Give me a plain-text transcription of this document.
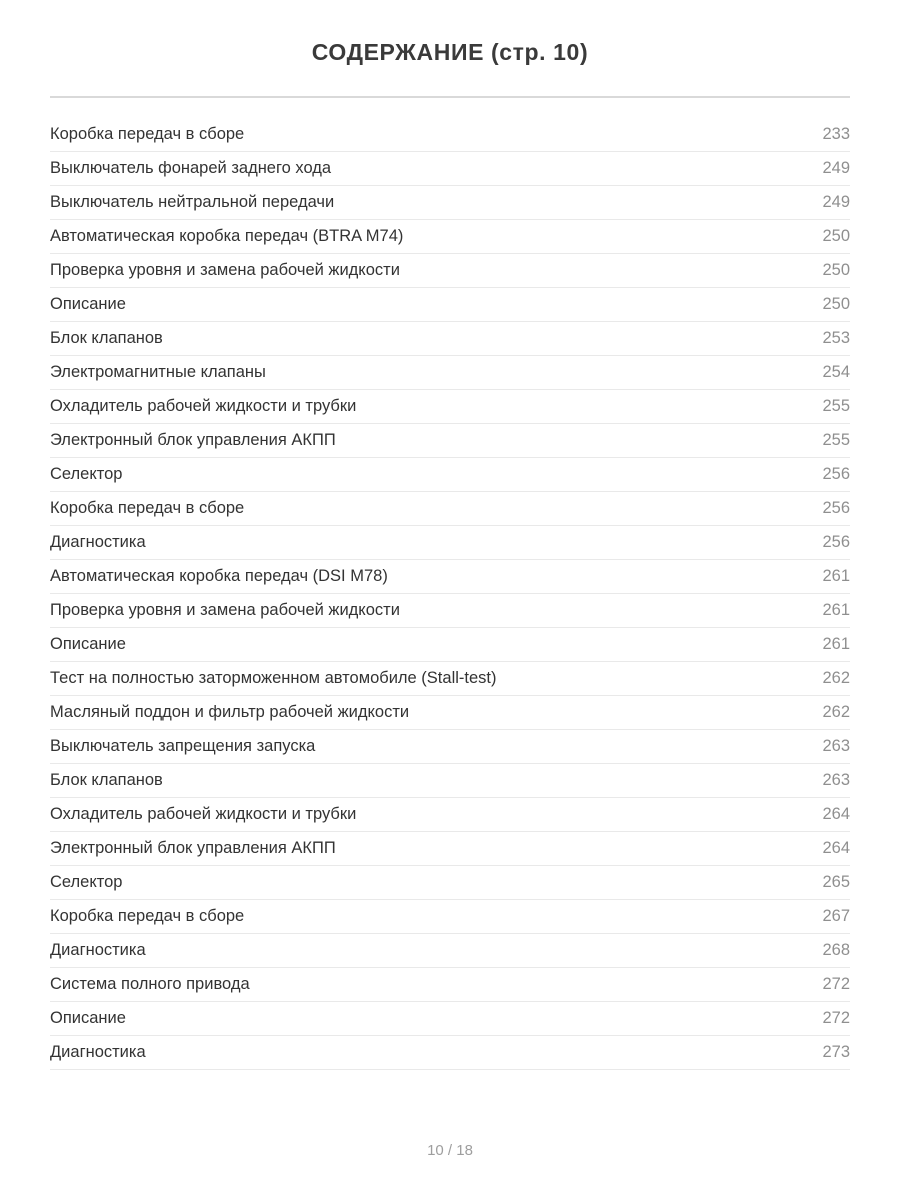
СОДЕРЖАНИЕ (стр. 10)
Коробка передач в сборе	233
Выключатель фонарей заднего хода	249
Выключатель нейтральной передачи	249
Автоматическая коробка передач (BTRA M74)	250
Проверка уровня и замена рабочей жидкости	250
Описание	250
Блок клапанов	253
Электромагнитные клапаны	254
Охладитель рабочей жидкости и трубки	255
Электронный блок управления АКПП	255
Селектор	256
Коробка передач в сборе	256
Диагностика	256
Автоматическая коробка передач (DSI M78)	261
Проверка уровня и замена рабочей жидкости	261
Описание	261
Тест на полностью заторможенном автомобиле (Stall-test)	262
Масляный поддон и фильтр рабочей жидкости	262
Выключатель запрещения запуска	263
Блок клапанов	263
Охладитель рабочей жидкости и трубки	264
Электронный блок управления АКПП	264
Селектор	265
Коробка передач в сборе	267
Диагностика	268
Система полного привода	272
Описание	272
Диагностика	273
10 / 18
